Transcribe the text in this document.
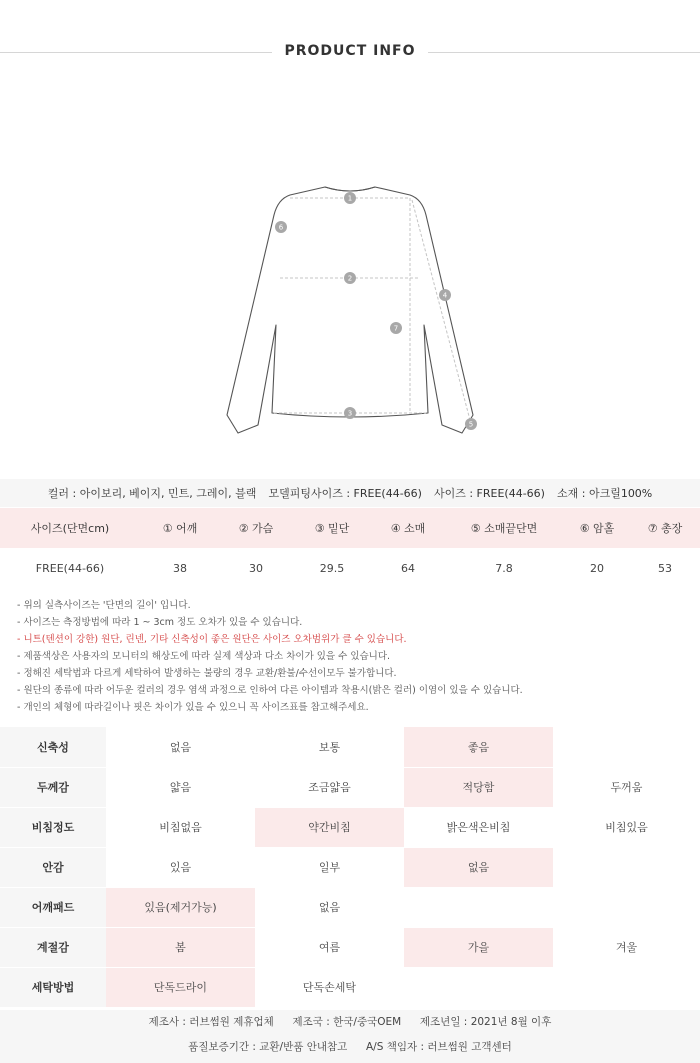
PRODUCT INFO
1
2
3
4
5
6
7
컬러 : 아이보리, 베이지, 민트, 그레이, 블랙 모델피팅사이즈 : FREE(44-66) 사이즈 : FREE(44-66) 소재 : 아크릴100%
사이즈(단면cm)	① 어깨	② 가슴	③ 밑단	④ 소매	⑤ 소매끝단면	⑥ 암홀	⑦ 총장
FREE(44-66)	38	30	29.5	64	7.8	20	53
- 위의 실측사이즈는 '단면의 길이' 입니다.
- 사이즈는 측정방법에 따라 1 ~ 3cm 정도 오차가 있을 수 있습니다.
- 니트(텐션이 강한) 원단, 린넨, 기타 신축성이 좋은 원단은 사이즈 오차범위가 클 수 있습니다.
- 제품색상은 사용자의 모니터의 해상도에 따라 실제 색상과 다소 차이가 있을 수 있습니다.
- 정해진 세탁법과 다르게 세탁하여 발생하는 불량의 경우 교환/환불/수선이모두 불가합니다.
- 원단의 종류에 따라 어두운 컬러의 경우 염색 과정으로 인하여 다른 아이템과 착용시(밝은 컬러) 이염이 있을 수 있습니다.
- 개인의 체형에 따라길이나 핏은 차이가 있을 수 있으니 꼭 사이즈표를 참고해주세요.
신축성	없음	보통	좋음	
두께감	얇음	조금얇음	적당함	두꺼움
비침정도	비침없음	약간비침	밝은색은비침	비침있음
안감	있음	일부	없음	
어깨패드	있음(제거가능)	없음		
계절감	봄	여름	가을	겨울
세탁방법	단독드라이	단독손세탁		
제조사 : 러브썸원 제휴업체 제조국 : 한국/중국OEM 제조년일 : 2021년 8월 이후
품질보증기간 : 교환/반품 안내참고 A/S 책임자 : 러브썸원 고객센터
